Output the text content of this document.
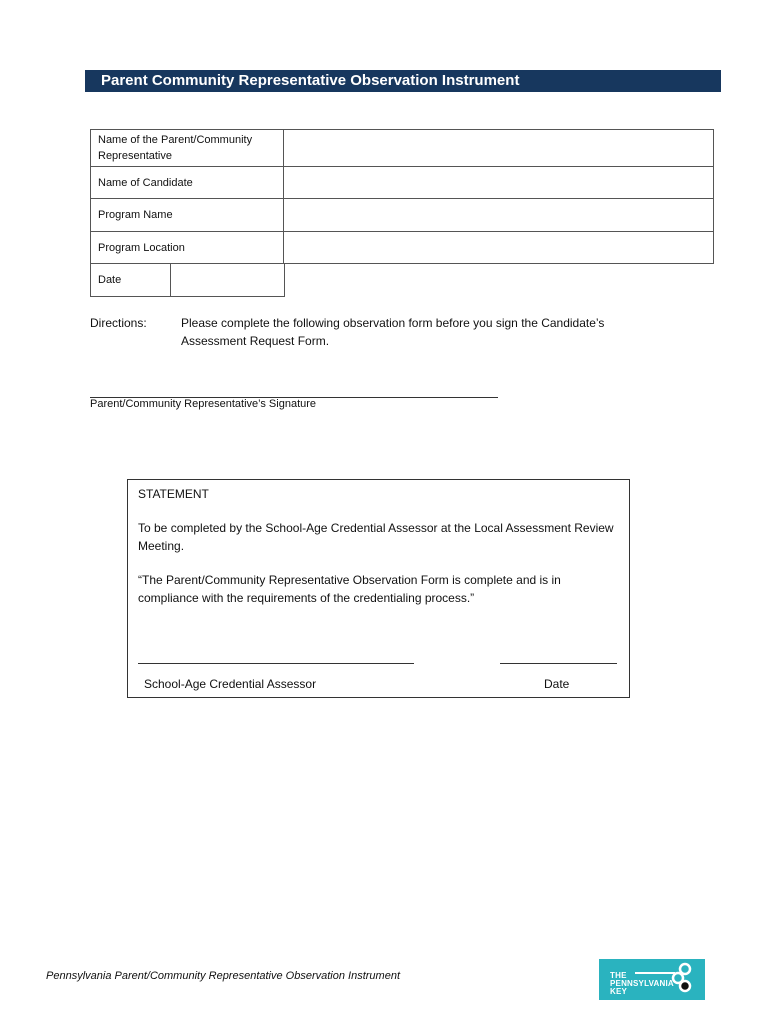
Parent Community Representative Observation Instrument
Name of the Parent/Community Representative	
Name of Candidate	
Program Name	
Program Location	
Date	
Directions:	Please complete the following observation form before you sign the Candidate’s Assessment Request Form.
Parent/Community Representative’s Signature
STATEMENT
To be completed by the School-Age Credential Assessor at the Local Assessment Review Meeting.
“The Parent/Community Representative Observation Form is complete and is in compliance with the requirements of the credentialing process.”
School-Age Credential Assessor	Date
Pennsylvania Parent/Community Representative Observation Instrument	THE
PENNSYLVANIA
KEY
